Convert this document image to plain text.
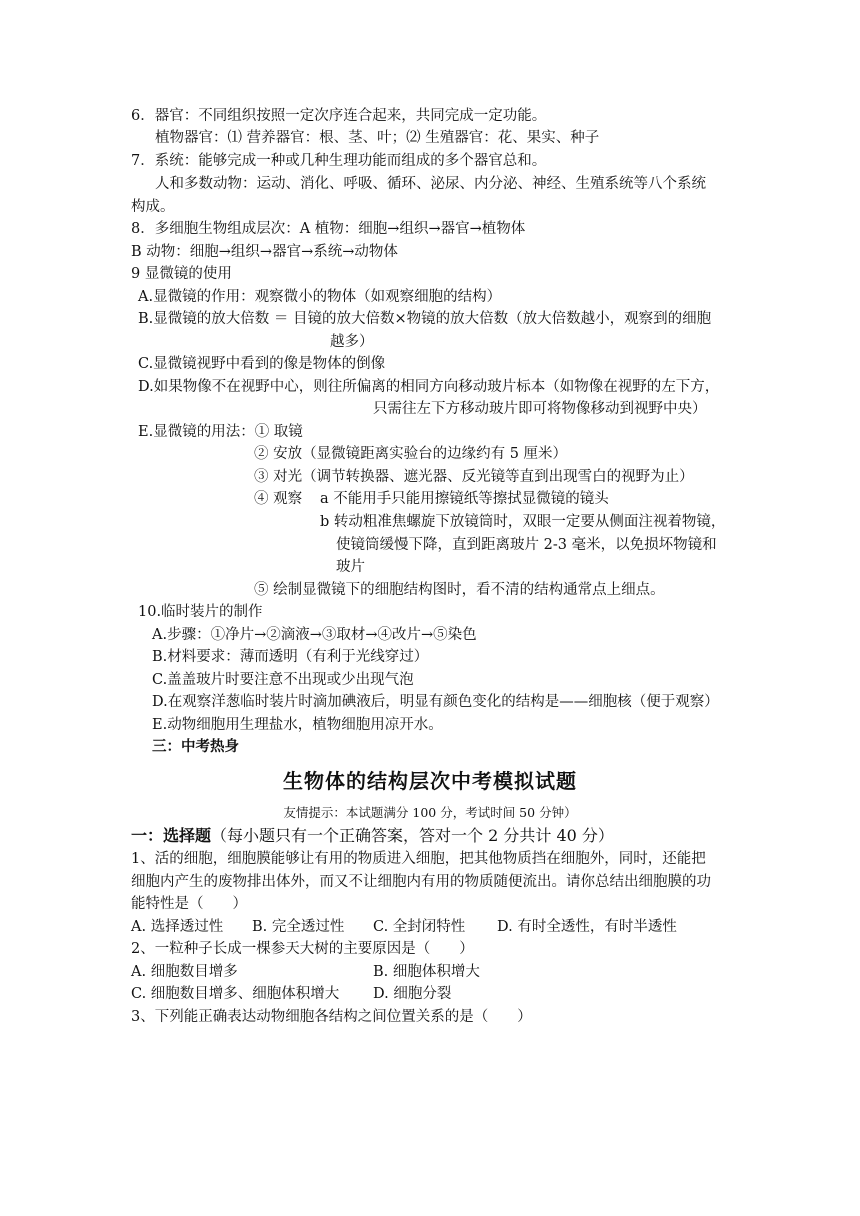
6．器官：不同组织按照一定次序连合起来，共同完成一定功能。
植物器官：⑴ 营养器官：根、茎、叶；⑵ 生殖器官：花、果实、种子
7．系统：能够完成一种或几种生理功能而组成的多个器官总和。
人和多数动物：运动、消化、呼吸、循环、泌尿、内分泌、神经、生殖系统等八个系统
构成。
8．多细胞生物组成层次：A 植物：细胞→组织→器官→植物体
B 动物：细胞→组织→器官→系统→动物体
9 显微镜的使用
A.显微镜的作用：观察微小的物体（如观察细胞的结构）
B.显微镜的放大倍数 ＝ 目镜的放大倍数×物镜的放大倍数（放大倍数越小，观察到的细胞
越多）
C.显微镜视野中看到的像是物体的倒像
D.如果物像不在视野中心，则往所偏离的相同方向移动玻片标本（如物像在视野的左下方，
只需往左下方移动玻片即可将物像移动到视野中央）
E.显微镜的用法：① 取镜
② 安放（显微镜距离实验台的边缘约有 5 厘米）
③ 对光（调节转换器、遮光器、反光镜等直到出现雪白的视野为止）
④ 观察 a 不能用手只能用擦镜纸等擦拭显微镜的镜头
b 转动粗准焦螺旋下放镜筒时，双眼一定要从侧面注视着物镜，
使镜筒缓慢下降，直到距离玻片 2-3 毫米，以免损坏物镜和
玻片
⑤ 绘制显微镜下的细胞结构图时，看不清的结构通常点上细点。
10.临时装片的制作
A.步骤：①净片→②滴液→③取材→④改片→⑤染色
B.材料要求：薄而透明（有利于光线穿过）
C.盖盖玻片时要注意不出现或少出现气泡
D.在观察洋葱临时装片时滴加碘液后，明显有颜色变化的结构是——细胞核（便于观察）
E.动物细胞用生理盐水，植物细胞用凉开水。
三：中考热身
生物体的结构层次中考模拟试题
友情提示：本试题满分 100 分，考试时间 50 分钟）
一：选择题（每小题只有一个正确答案，答对一个 2 分共计 40 分）
1、活的细胞，细胞膜能够让有用的物质进入细胞，把其他物质挡在细胞外，同时，还能把
细胞内产生的废物排出体外，而又不让细胞内有用的物质随便流出。请你总结出细胞膜的功
能特性是（　　）
A. 选择透过性 B. 完全透过性 C. 全封闭特性 D. 有时全透性，有时半透性
2、一粒种子长成一棵参天大树的主要原因是（　　）
A. 细胞数目增多	B. 细胞体积增大
C. 细胞数目增多、细胞体积增大 D. 细胞分裂
3、下列能正确表达动物细胞各结构之间位置关系的是（　　）
